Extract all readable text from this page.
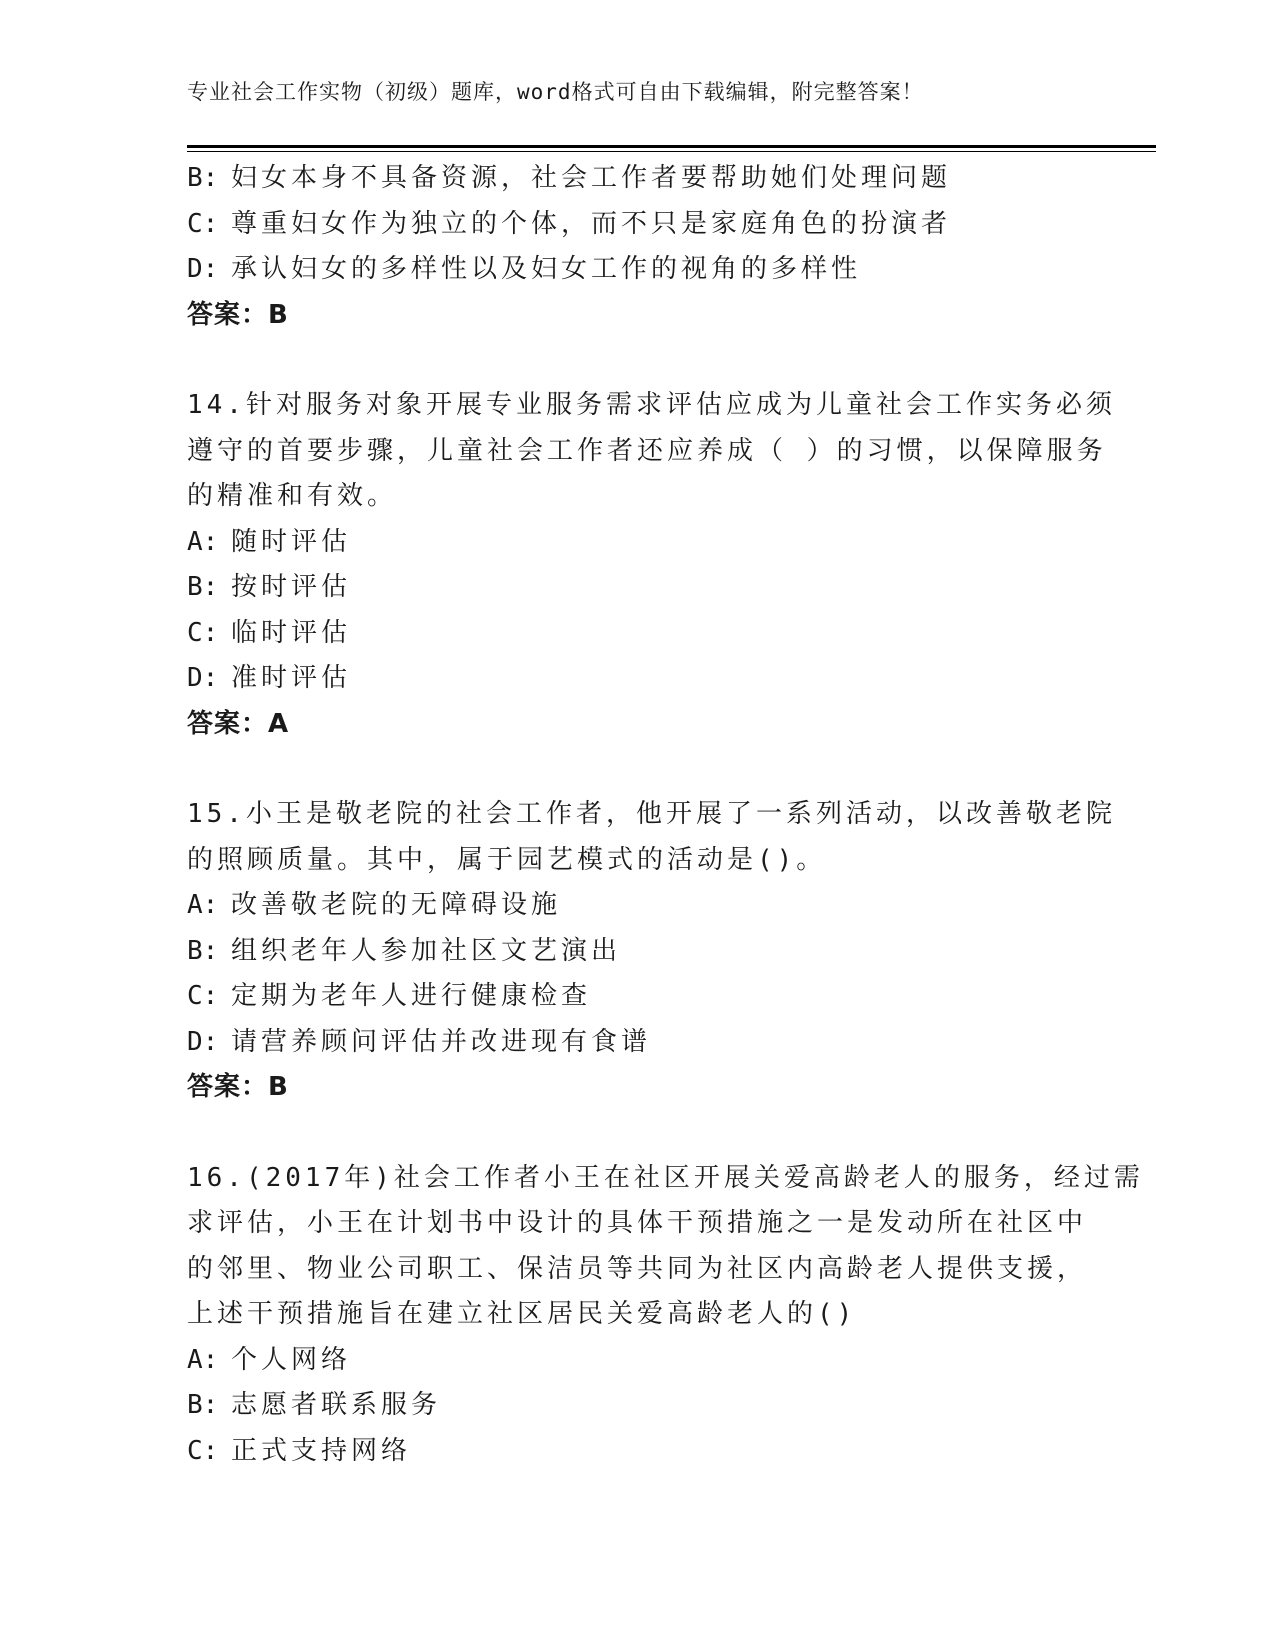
专业社会工作实物（初级）题库，word格式可自由下载编辑，附完整答案！
B: 妇女本身不具备资源，社会工作者要帮助她们处理问题
C: 尊重妇女作为独立的个体，而不只是家庭角色的扮演者
D: 承认妇女的多样性以及妇女工作的视角的多样性
答案：B
14.针对服务对象开展专业服务需求评估应成为儿童社会工作实务必须
遵守的首要步骤，儿童社会工作者还应养成（ ）的习惯，以保障服务
的精准和有效。
A: 随时评估
B: 按时评估
C: 临时评估
D: 准时评估
答案：A
15.小王是敬老院的社会工作者，他开展了一系列活动，以改善敬老院
的照顾质量。其中，属于园艺模式的活动是()。
A: 改善敬老院的无障碍设施
B: 组织老年人参加社区文艺演出
C: 定期为老年人进行健康检查
D: 请营养顾问评估并改进现有食谱
答案：B
16.(2017年)社会工作者小王在社区开展关爱高龄老人的服务，经过需
求评估，小王在计划书中设计的具体干预措施之一是发动所在社区中
的邻里、物业公司职工、保洁员等共同为社区内高龄老人提供支援，
上述干预措施旨在建立社区居民关爱高龄老人的()
A: 个人网络
B: 志愿者联系服务
C: 正式支持网络
